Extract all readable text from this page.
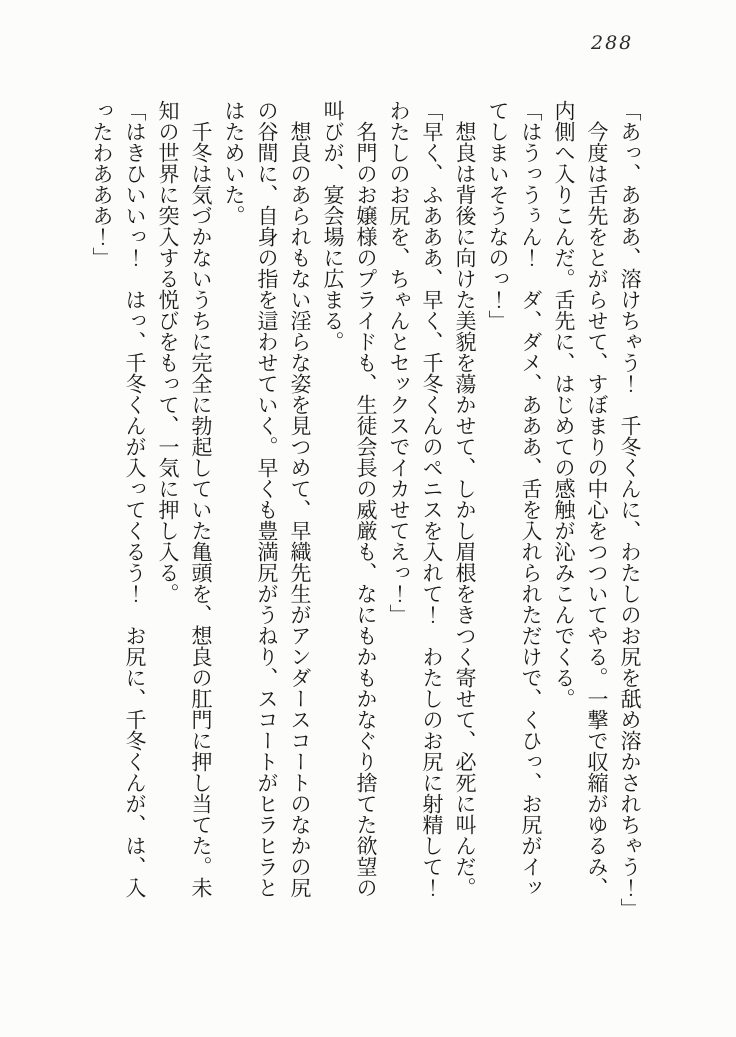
288
「あっ、あああ、溶けちゃう！　千冬くんに、わたしのお尻を舐め溶かされちゃう！」
　今度は舌先をとがらせて、すぼまりの中心をつついてやる。一撃で収縮がゆるみ、
内側へ入りこんだ。舌先に、はじめての感触が沁みこんでくる。
「はうっうぅん！　ダ、ダメ、あああ、舌を入れられただけで、くひっ、お尻がイッ
てしまいそうなのっ！」
　想良は背後に向けた美貌を蕩かせて、しかし眉根をきつく寄せて、必死に叫んだ。
「早く、ふあああ、早く、千冬くんのペニスを入れて！　わたしのお尻に射精して！
わたしのお尻を、ちゃんとセックスでイカせてえっ！」
　名門のお嬢様のプライドも、生徒会長の威厳も、なにもかもかなぐり捨てた欲望の
叫びが、宴会場に広まる。
　想良のあられもない淫らな姿を見つめて、早織先生がアンダースコートのなかの尻
の谷間に、自身の指を這わせていく。早くも豊満尻がうねり、スコートがヒラヒラと
はためいた。
　千冬は気づかないうちに完全に勃起していた亀頭を、想良の肛門に押し当てた。未
知の世界に突入する悦びをもって、一気に押し入る。
「はきひいいっ！　はっ、千冬くんが入ってくるう！　お尻に、千冬くんが、は、入
ったわあああ！」
